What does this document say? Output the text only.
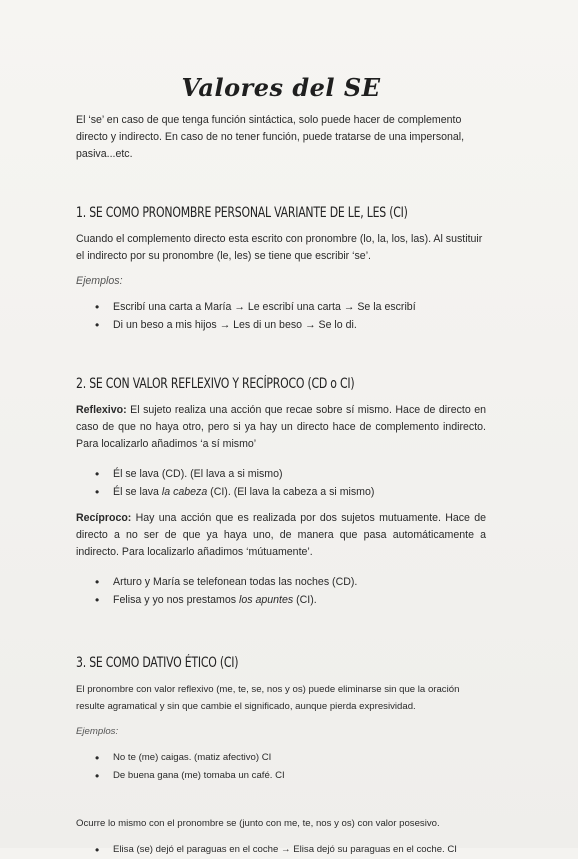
Valores del SE

El ‘se’ en caso de que tenga función sintáctica, solo puede hacer de complemento directo y indirecto. En caso de no tener función, puede tratarse de una impersonal, pasiva...etc.

1. SE COMO PRONOMBRE PERSONAL VARIANTE DE LE, LES (CI)

Cuando el complemento directo esta escrito con pronombre (lo, la, los, las). Al sustituir el indirecto por su pronombre (le, les) se tiene que escribir ‘se’.

Ejemplos:

• Escribí una carta a María → Le escribí una carta → Se la escribí
• Di un beso a mis hijos → Les di un beso → Se lo di.
2. SE CON VALOR REFLEXIVO Y RECÍPROCO (CD o CI)

Reflexivo: El sujeto realiza una acción que recae sobre sí mismo. Hace de directo en caso de que no haya otro, pero si ya hay un directo hace de complemento indirecto. Para localizarlo añadimos ‘a sí mismo’

• Él se lava (CD). (El lava a si mismo)
• Él se lava la cabeza (CI). (El lava la cabeza a si mismo)

Recíproco: Hay una acción que es realizada por dos sujetos mutuamente. Hace de directo a no ser de que ya haya uno, de manera que pasa automáticamente a indirecto. Para localizarlo añadimos ‘mútuamente’.

• Arturo y María se telefonean todas las noches (CD).
• Felisa y yo nos prestamos los apuntes (CI).
3. SE COMO DATIVO ÉTICO (CI)

El pronombre con valor reflexivo (me, te, se, nos y os) puede eliminarse sin que la oración resulte agramatical y sin que cambie el significado, aunque pierda expresividad.

Ejemplos:

• No te (me) caigas. (matiz afectivo) CI
• De buena gana (me) tomaba un café. CI

Ocurre lo mismo con el pronombre se (junto con me, te, nos y os) con valor posesivo.

• Elisa (se) dejó el paraguas en el coche → Elisa dejó su paraguas en el coche. CI
